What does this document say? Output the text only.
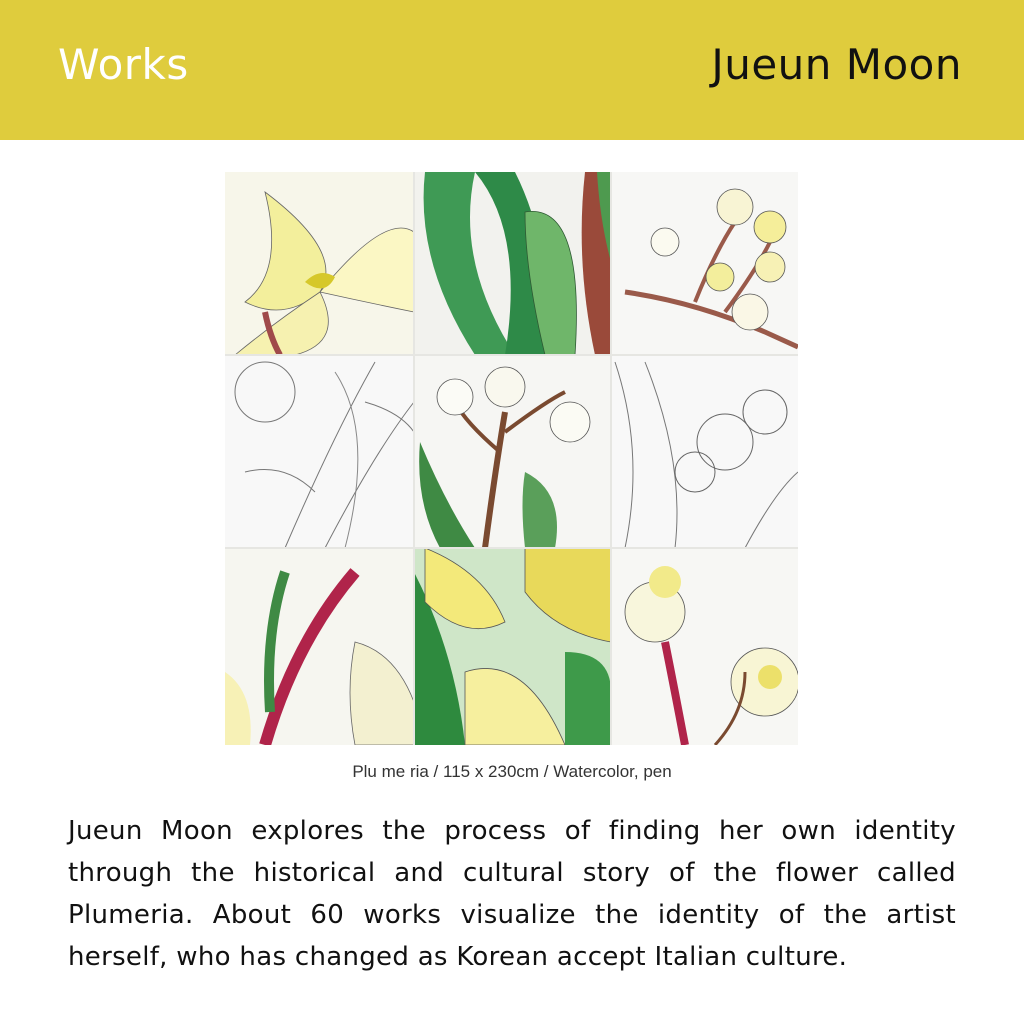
Works	Jueun Moon
Plu me ria / 115 x 230cm / Watercolor, pen
Jueun Moon explores the process of finding her own identity through the historical and cultural story of the flower called Plumeria. About 60 works visualize the identity of the artist herself, who has changed as Korean accept Italian culture.
